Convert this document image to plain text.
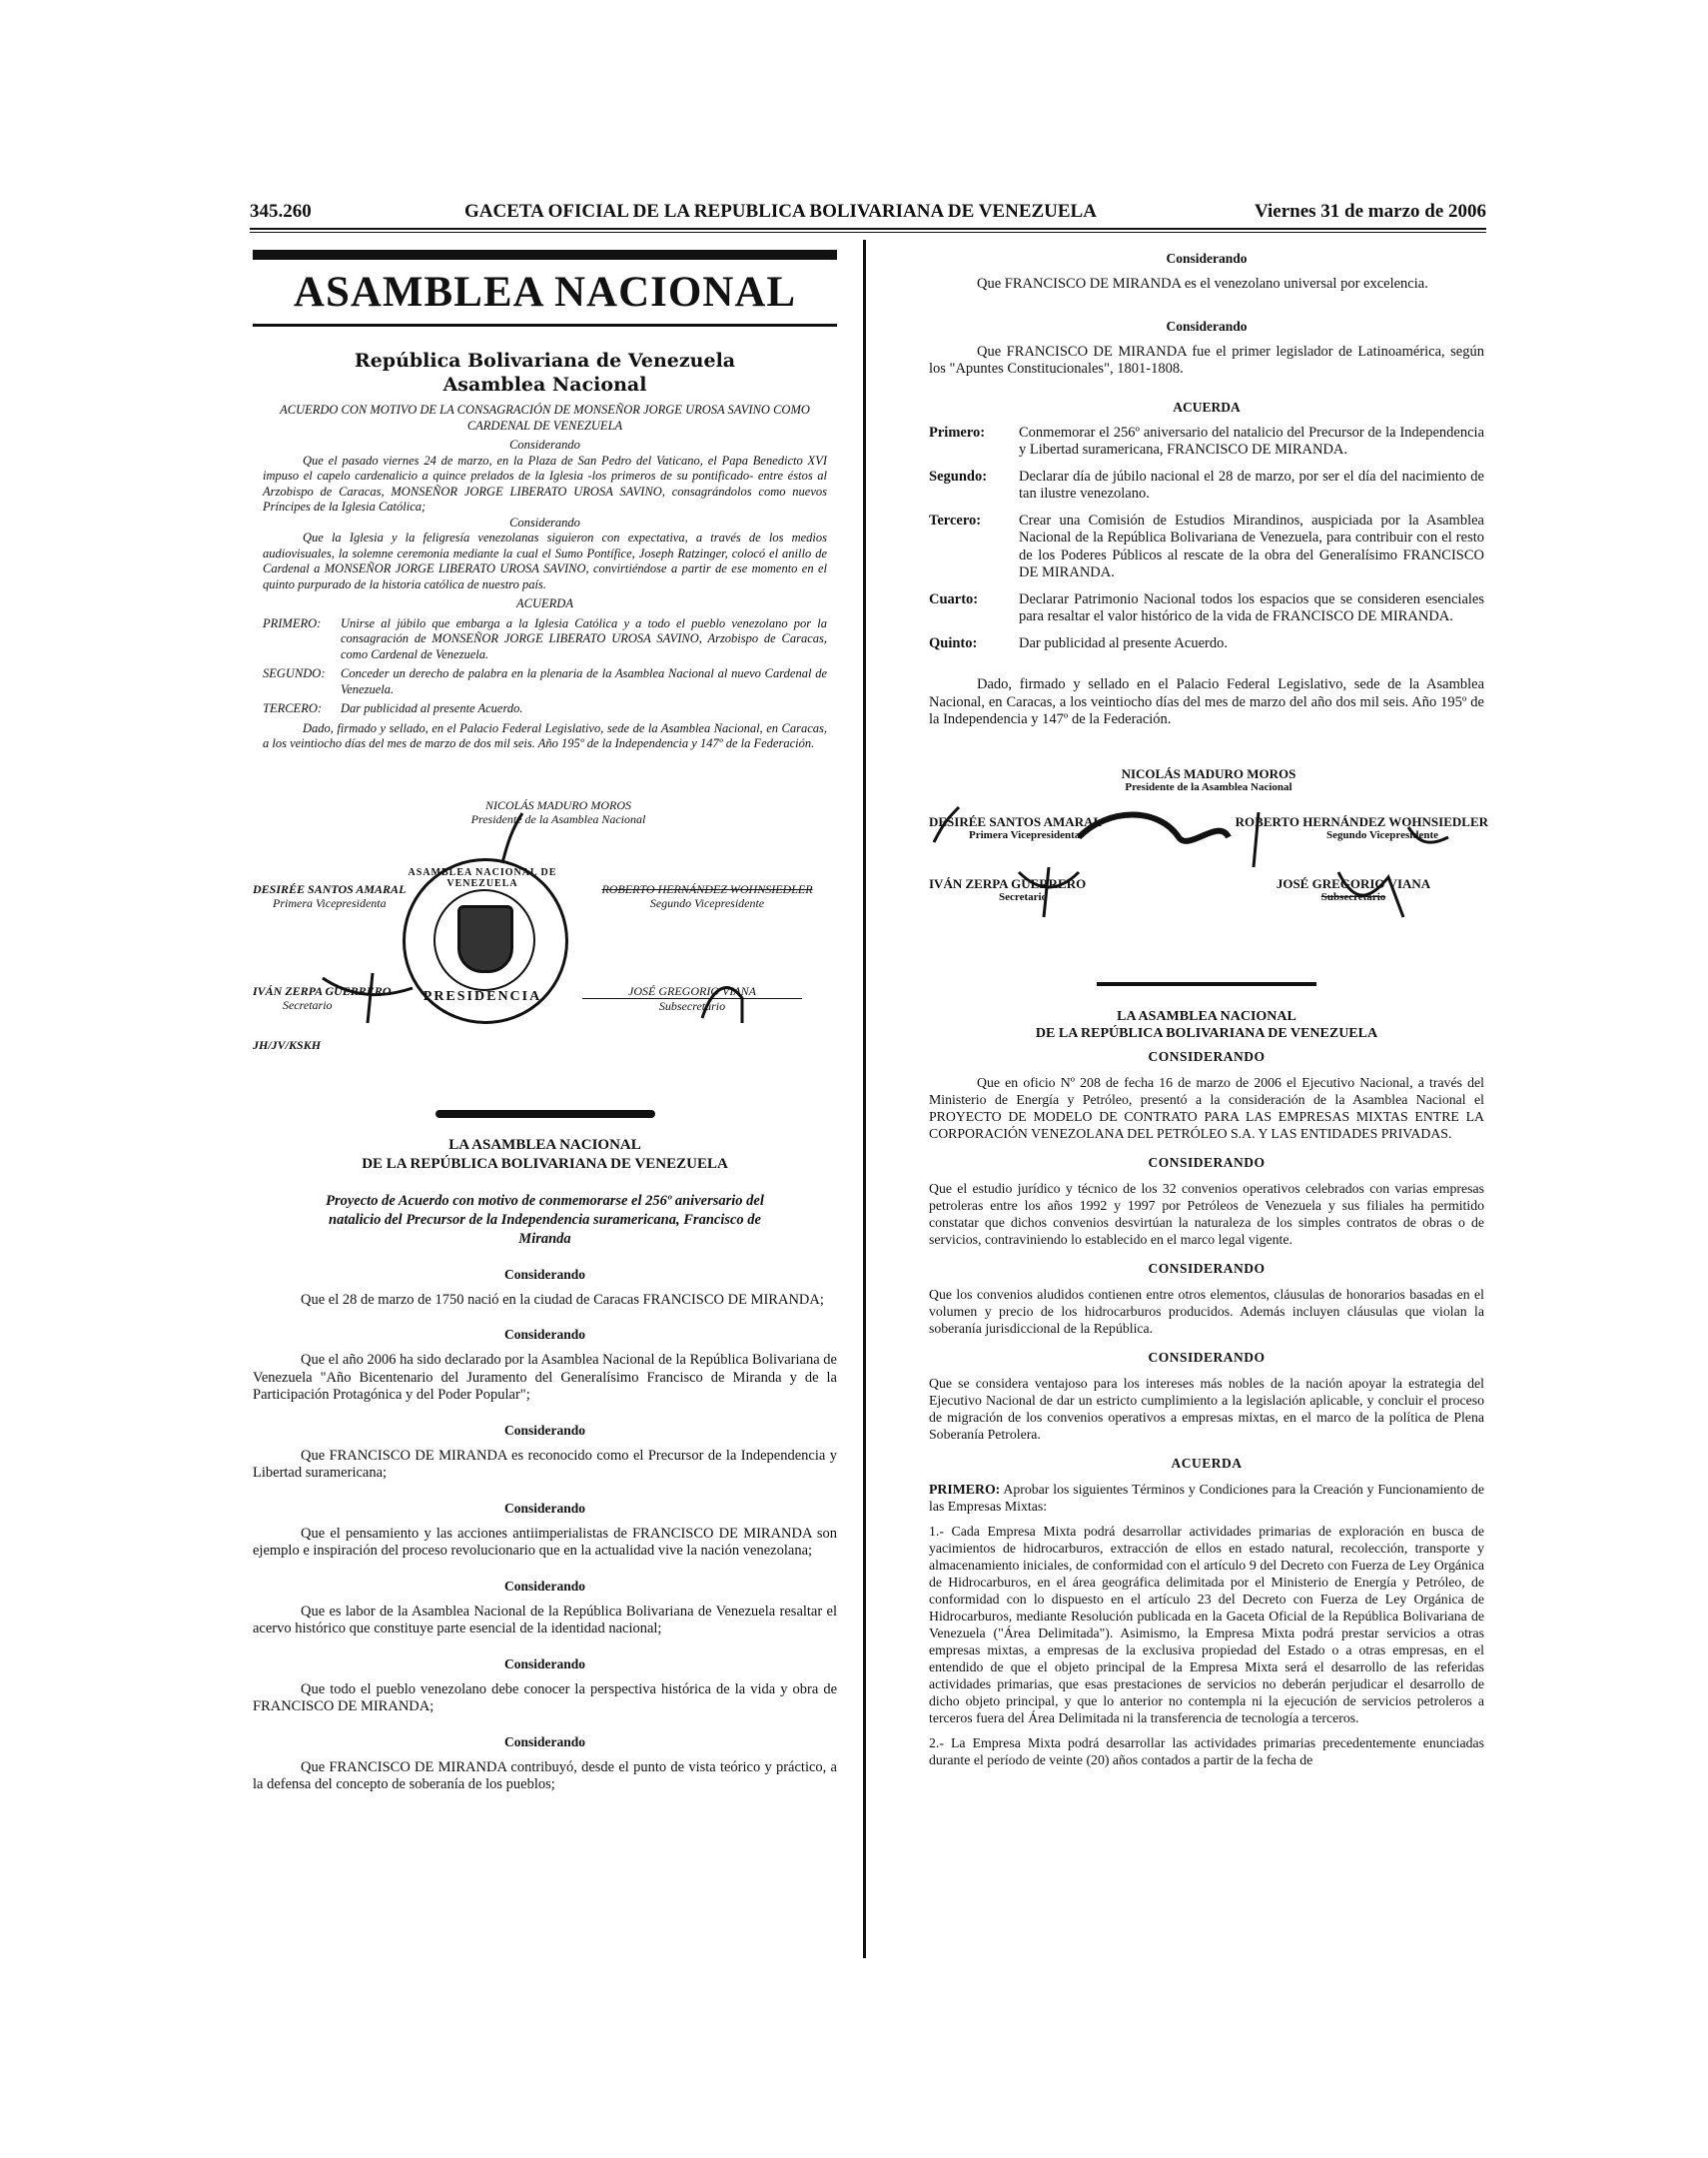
345.260	GACETA OFICIAL DE LA REPUBLICA BOLIVARIANA DE VENEZUELA	Viernes 31 de marzo de 2006
ASAMBLEA NACIONAL
República Bolivariana de Venezuela
Asamblea Nacional
ACUERDO CON MOTIVO DE LA CONSAGRACIÓN DE MONSEÑOR JORGE UROSA SAVINO COMO CARDENAL DE VENEZUELA
Considerando
Que el pasado viernes 24 de marzo, en la Plaza de San Pedro del Vaticano, el Papa Benedicto XVI impuso el capelo cardenalicio a quince prelados de la Iglesia -los primeros de su pontificado- entre éstos al Arzobispo de Caracas, MONSEÑOR JORGE LIBERATO UROSA SAVINO, consagrándolos como nuevos Príncipes de la Iglesia Católica;
Considerando
Que la Iglesia y la feligresía venezolanas siguieron con expectativa, a través de los medios audiovisuales, la solemne ceremonia mediante la cual el Sumo Pontífice, Joseph Ratzinger, colocó el anillo de Cardenal a MONSEÑOR JORGE LIBERATO UROSA SAVINO, convirtiéndose a partir de ese momento en el quinto purpurado de la historia católica de nuestro país.
ACUERDA
PRIMERO:	Unirse al júbilo que embarga a la Iglesia Católica y a todo el pueblo venezolano por la consagración de MONSEÑOR JORGE LIBERATO UROSA SAVINO, Arzobispo de Caracas, como Cardenal de Venezuela.
SEGUNDO:	Conceder un derecho de palabra en la plenaria de la Asamblea Nacional al nuevo Cardenal de Venezuela.
TERCERO:	Dar publicidad al presente Acuerdo.
Dado, firmado y sellado, en el Palacio Federal Legislativo, sede de la Asamblea Nacional, en Caracas, a los veintiocho días del mes de marzo de dos mil seis. Año 195º de la Independencia y 147º de la Federación.
NICOLÁS MADURO MOROS
Presidente de la Asamblea Nacional
ASAMBLEA NACIONAL DE VENEZUELA
PRESIDENCIA
DESIRÉE SANTOS AMARAL
Primera Vicepresidenta
ROBERTO HERNÁNDEZ WOHNSIEDLER
Segundo Vicepresidente
IVÁN ZERPA GUERRERO
Secretario
JOSÉ GREGORIO VIANA
Subsecretario
JH/JV/KSKH
LA ASAMBLEA NACIONAL
DE LA REPÚBLICA BOLIVARIANA DE VENEZUELA
Proyecto de Acuerdo con motivo de conmemorarse el 256º aniversario del natalicio del Precursor de la Independencia suramericana, Francisco de Miranda
Considerando
Que el 28 de marzo de 1750 nació en la ciudad de Caracas FRANCISCO DE MIRANDA;
Considerando
Que el año 2006 ha sido declarado por la Asamblea Nacional de la República Bolivariana de Venezuela "Año Bicentenario del Juramento del Generalísimo Francisco de Miranda y de la Participación Protagónica y del Poder Popular";
Considerando
Que FRANCISCO DE MIRANDA es reconocido como el Precursor de la Independencia y Libertad suramericana;
Considerando
Que el pensamiento y las acciones antiimperialistas de FRANCISCO DE MIRANDA son ejemplo e inspiración del proceso revolucionario que en la actualidad vive la nación venezolana;
Considerando
Que es labor de la Asamblea Nacional de la República Bolivariana de Venezuela resaltar el acervo histórico que constituye parte esencial de la identidad nacional;
Considerando
Que todo el pueblo venezolano debe conocer la perspectiva histórica de la vida y obra de FRANCISCO DE MIRANDA;
Considerando
Que FRANCISCO DE MIRANDA contribuyó, desde el punto de vista teórico y práctico, a la defensa del concepto de soberanía de los pueblos;
Considerando
Que FRANCISCO DE MIRANDA es el venezolano universal por excelencia.
Considerando
Que FRANCISCO DE MIRANDA fue el primer legislador de Latinoamérica, según los "Apuntes Constitucionales", 1801-1808.
ACUERDA
Primero:	Conmemorar el 256º aniversario del natalicio del Precursor de la Independencia y Libertad suramericana, FRANCISCO DE MIRANDA.
Segundo:	Declarar día de júbilo nacional el 28 de marzo, por ser el día del nacimiento de tan ilustre venezolano.
Tercero:	Crear una Comisión de Estudios Mirandinos, auspiciada por la Asamblea Nacional de la República Bolivariana de Venezuela, para contribuir con el resto de los Poderes Públicos al rescate de la obra del Generalísimo FRANCISCO DE MIRANDA.
Cuarto:	Declarar Patrimonio Nacional todos los espacios que se consideren esenciales para resaltar el valor histórico de la vida de FRANCISCO DE MIRANDA.
Quinto:	Dar publicidad al presente Acuerdo.
Dado, firmado y sellado en el Palacio Federal Legislativo, sede de la Asamblea Nacional, en Caracas, a los veintiocho días del mes de marzo del año dos mil seis. Año 195º de la Independencia y 147º de la Federación.
NICOLÁS MADURO MOROS
Presidente de la Asamblea Nacional
DESIRÉE SANTOS AMARAL
Primera Vicepresidenta
ROBERTO HERNÁNDEZ WOHNSIEDLER
Segundo Vicepresidente
IVÁN ZERPA GUERRERO
Secretario
JOSÉ GREGORIO VIANA
Subsecretario
LA ASAMBLEA NACIONAL
DE LA REPÚBLICA BOLIVARIANA DE VENEZUELA
CONSIDERANDO
Que en oficio Nº 208 de fecha 16 de marzo de 2006 el Ejecutivo Nacional, a través del Ministerio de Energía y Petróleo, presentó a la consideración de la Asamblea Nacional el PROYECTO DE MODELO DE CONTRATO PARA LAS EMPRESAS MIXTAS ENTRE LA CORPORACIÓN VENEZOLANA DEL PETRÓLEO S.A. Y LAS ENTIDADES PRIVADAS.
CONSIDERANDO
Que el estudio jurídico y técnico de los 32 convenios operativos celebrados con varias empresas petroleras entre los años 1992 y 1997 por Petróleos de Venezuela y sus filiales ha permitido constatar que dichos convenios desvirtúan la naturaleza de los simples contratos de obras o de servicios, contraviniendo lo establecido en el marco legal vigente.
CONSIDERANDO
Que los convenios aludidos contienen entre otros elementos, cláusulas de honorarios basadas en el volumen y precio de los hidrocarburos producidos. Además incluyen cláusulas que violan la soberanía jurisdiccional de la República.
CONSIDERANDO
Que se considera ventajoso para los intereses más nobles de la nación apoyar la estrategia del Ejecutivo Nacional de dar un estricto cumplimiento a la legislación aplicable, y concluir el proceso de migración de los convenios operativos a empresas mixtas, en el marco de la política de Plena Soberanía Petrolera.
ACUERDA
PRIMERO: Aprobar los siguientes Términos y Condiciones para la Creación y Funcionamiento de las Empresas Mixtas:
1.- Cada Empresa Mixta podrá desarrollar actividades primarias de exploración en busca de yacimientos de hidrocarburos, extracción de ellos en estado natural, recolección, transporte y almacenamiento iniciales, de conformidad con el artículo 9 del Decreto con Fuerza de Ley Orgánica de Hidrocarburos, en el área geográfica delimitada por el Ministerio de Energía y Petróleo, de conformidad con lo dispuesto en el artículo 23 del Decreto con Fuerza de Ley Orgánica de Hidrocarburos, mediante Resolución publicada en la Gaceta Oficial de la República Bolivariana de Venezuela ("Área Delimitada"). Asimismo, la Empresa Mixta podrá prestar servicios a otras empresas mixtas, a empresas de la exclusiva propiedad del Estado o a otras empresas, en el entendido de que el objeto principal de la Empresa Mixta será el desarrollo de las referidas actividades primarias, que esas prestaciones de servicios no deberán perjudicar el desarrollo de dicho objeto principal, y que lo anterior no contempla ni la ejecución de servicios petroleros a terceros fuera del Área Delimitada ni la transferencia de tecnología a terceros.
2.- La Empresa Mixta podrá desarrollar las actividades primarias precedentemente enunciadas durante el período de veinte (20) años contados a partir de la fecha de
